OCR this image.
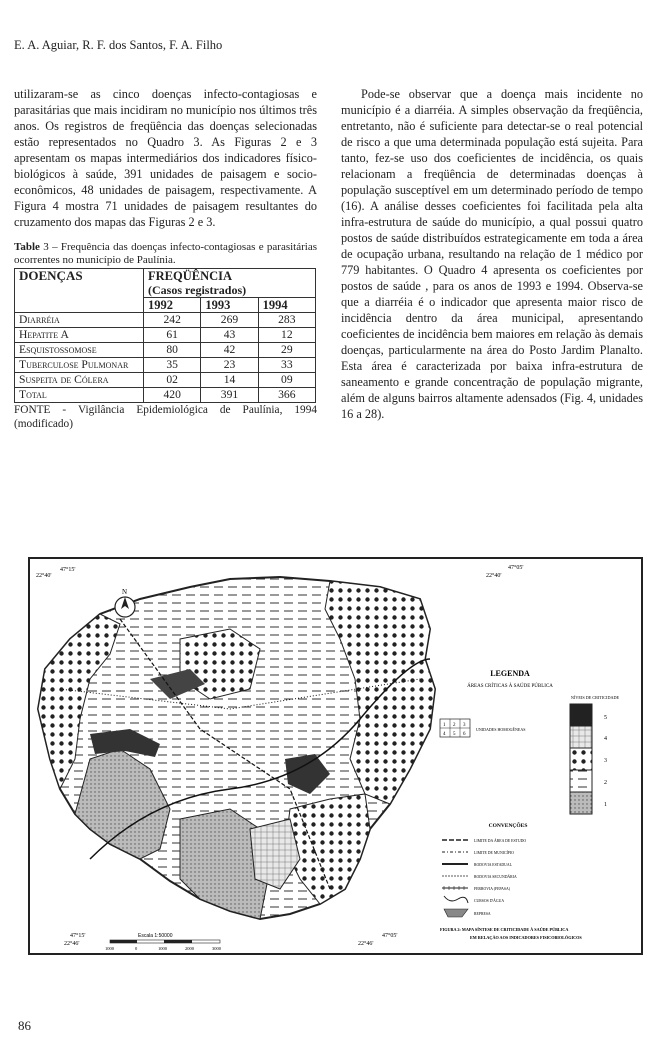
E. A. Aguiar, R. F. dos Santos, F. A. Filho

utilizaram-se as cinco doenças infecto-contagiosas e parasitárias que mais incidiram no município nos últimos três anos. Os registros de freqüência das doenças selecionadas estão representados no Quadro 3. As Figuras 2 e 3 apresentam os mapas intermediários dos indicadores físico-biológicos à saúde, 391 unidades de paisagem e socio-econômicos, 48 unidades de paisagem, respectivamente. A Figura 4 mostra 71 unidades de paisagem resultantes do cruzamento dos mapas das Figuras 2 e 3.

Table 3 – Frequência das doenças infecto-contagiosas e parasitárias ocorrentes no município de Paulínia.
DOENÇAS	FREQÜÊNCIA		
	(Casos registrados)		
	1992	1993	1994
Diarréia	242	269	283
Hepatite A	61	43	12
Esquistossomose	80	42	29
Tuberculose Pulmonar	35	23	33
Suspeita de Cólera	02	14	09
Total	420	391	366
FONTE - Vigilância Epidemiológica de Paulínia, 1994 (modificado)

Pode-se observar que a doença mais incidente no município é a diarréia. A simples observação da freqüência, entretanto, não é suficiente para detectar-se o real potencial de risco a que uma determinada população está sujeita. Para tanto, fez-se uso dos coeficientes de incidência, os quais relacionam a freqüência de determinadas doenças à população susceptível em um determinado período de tempo (16). A análise desses coeficientes foi facilitada pela alta infra-estrutura de saúde do município, a qual possui quatro postos de saúde distribuídos estrategicamente em toda a área de ocupação urbana, resultando na relação de 1 médico por 779 habitantes. O Quadro 4 apresenta os coeficientes por postos de saúde , para os anos de 1993 e 1994. Observa-se que a diarréia é o indicador que apresenta maior risco de incidência dentro da área municipal, apresentando coeficientes de incidência bem maiores em relação às demais doenças, particularmente na área do Posto Jardim Planalto. Esta área é caracterizada por baixa infra-estrutura de saneamento e grande concentração de população migrante, além de alguns bairros altamente adensados (Fig. 4, unidades 16 a 28).

47°15'
22°40'
47°05'
22°40'
47°15'
22°46'
47°05'
22°46'
N
Escala 1:50000
1000	0	1000	2000	3000
LEGENDA
ÁREAS CRÍTICAS À SAÚDE PÚBLICA
NÍVEIS DE CRITICIDADE
1 2 3
4 5 6
UNIDADES HOMOGÊNEAS
5
4
3
2
1
CONVENÇÕES
LIMITE DA ÁREA DE ESTUDO
LIMITE DE MUNICÍPIO
RODOVIA ESTADUAL
RODOVIA SECUNDÁRIA
FERROVIA (FEPASA)
CURSOS D'ÁGUA
REPRESA
FIGURA 2: MAPA SÍNTESE DE CRITICIDADE À SAÚDE PÚBLICA
EM RELAÇÃO AOS INDICADORES FISICOBIOLÓGICOS
86
